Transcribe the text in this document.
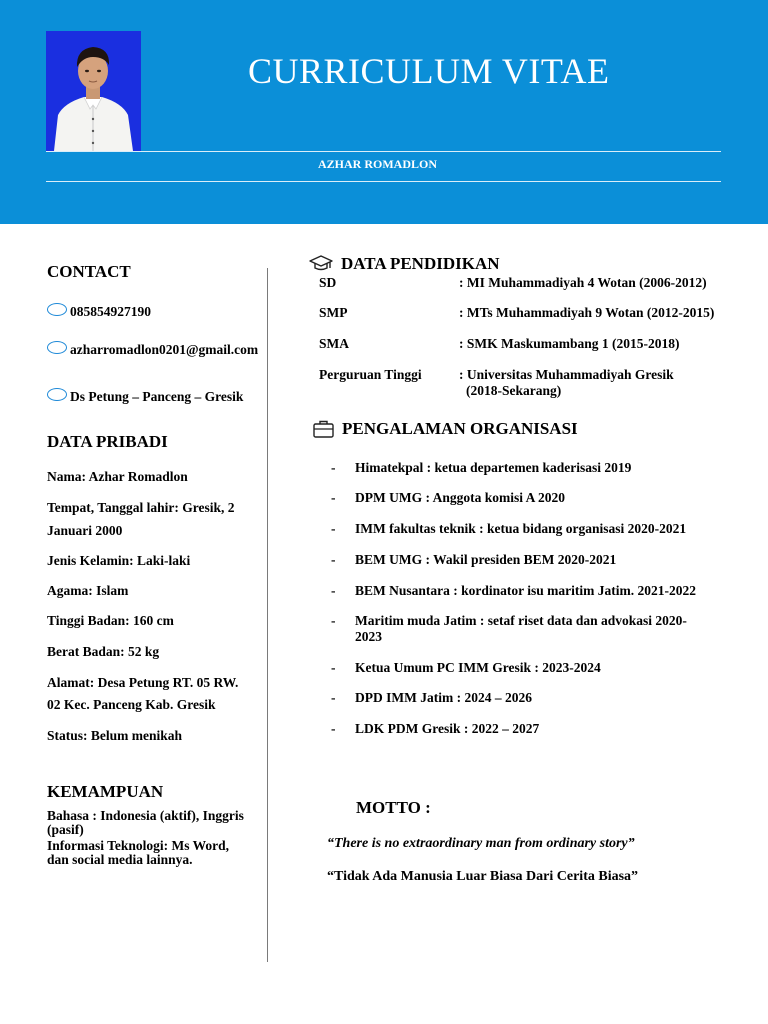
CURRICULUM VITAE
AZHAR ROMADLON
CONTACT
085854927190
azharromadlon0201@gmail.com
Ds Petung – Panceng – Gresik
DATA PRIBADI
Nama: Azhar Romadlon
Tempat, Tanggal lahir: Gresik, 2
Januari 2000
Jenis Kelamin: Laki-laki
Agama: Islam
Tinggi Badan: 160 cm
Berat Badan: 52 kg
Alamat: Desa Petung RT. 05 RW.
02 Kec. Panceng Kab. Gresik
Status: Belum menikah
KEMAMPUAN
Bahasa : Indonesia (aktif), Inggris
(pasif)
Informasi Teknologi: Ms Word,
dan social media lainnya.
DATA PENDIDIKAN
SD	: MI Muhammadiyah 4 Wotan (2006-2012)
SMP	: MTs Muhammadiyah 9 Wotan (2012-2015)
SMA	: SMK Maskumambang 1 (2015-2018)
Perguruan Tinggi	: Universitas Muhammadiyah Gresik
(2018-Sekarang)
PENGALAMAN ORGANISASI
-	Himatekpal : ketua departemen kaderisasi 2019
-	DPM UMG : Anggota komisi A 2020
-	IMM fakultas teknik : ketua bidang organisasi 2020-2021
-	BEM UMG : Wakil presiden BEM 2020-2021
-	BEM Nusantara : kordinator isu maritim Jatim. 2021-2022
-	Maritim muda Jatim : setaf riset data dan advokasi 2020-
2023
-	Ketua Umum PC IMM Gresik : 2023-2024
-	DPD IMM Jatim : 2024 – 2026
-	LDK PDM Gresik : 2022 – 2027
MOTTO :
“There is no extraordinary man from ordinary story”
“Tidak Ada Manusia Luar Biasa Dari Cerita Biasa”
